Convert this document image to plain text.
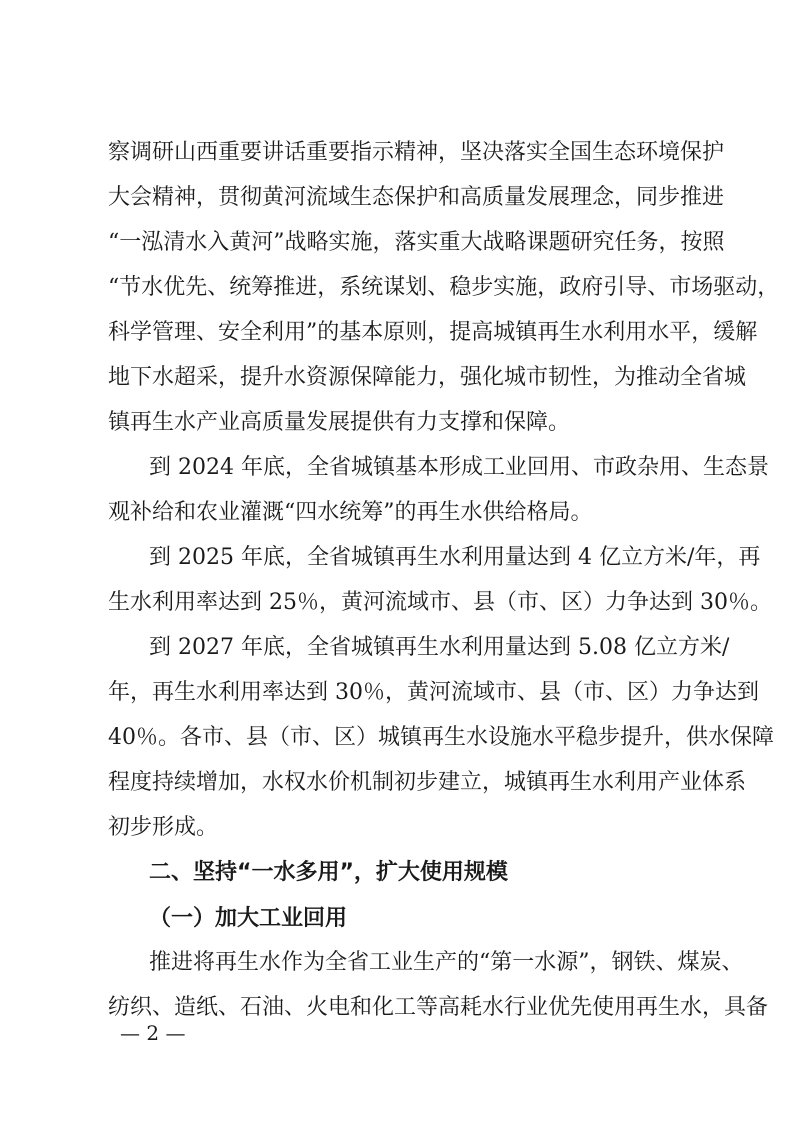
察调研山西重要讲话重要指示精神，坚决落实全国生态环境保护
大会精神，贯彻黄河流域生态保护和高质量发展理念，同步推进
“一泓清水入黄河”战略实施，落实重大战略课题研究任务，按照
“节水优先、统筹推进，系统谋划、稳步实施，政府引导、市场驱动，
科学管理、安全利用”的基本原则，提高城镇再生水利用水平，缓解
地下水超采，提升水资源保障能力，强化城市韧性，为推动全省城
镇再生水产业高质量发展提供有力支撑和保障。
到 2024 年底，全省城镇基本形成工业回用、市政杂用、生态景
观补给和农业灌溉“四水统筹”的再生水供给格局。
到 2025 年底，全省城镇再生水利用量达到 4 亿立方米/年，再
生水利用率达到 25％，黄河流域市、县（市、区）力争达到 30％。
到 2027 年底，全省城镇再生水利用量达到 5.08 亿立方米/
年，再生水利用率达到 30％，黄河流域市、县（市、区）力争达到
40％。各市、县（市、区）城镇再生水设施水平稳步提升，供水保障
程度持续增加，水权水价机制初步建立，城镇再生水利用产业体系
初步形成。
二、坚持“一水多用”，扩大使用规模
（一）加大工业回用
推进将再生水作为全省工业生产的“第一水源”，钢铁、煤炭、
纺织、造纸、石油、火电和化工等高耗水行业优先使用再生水，具备
— 2 —
